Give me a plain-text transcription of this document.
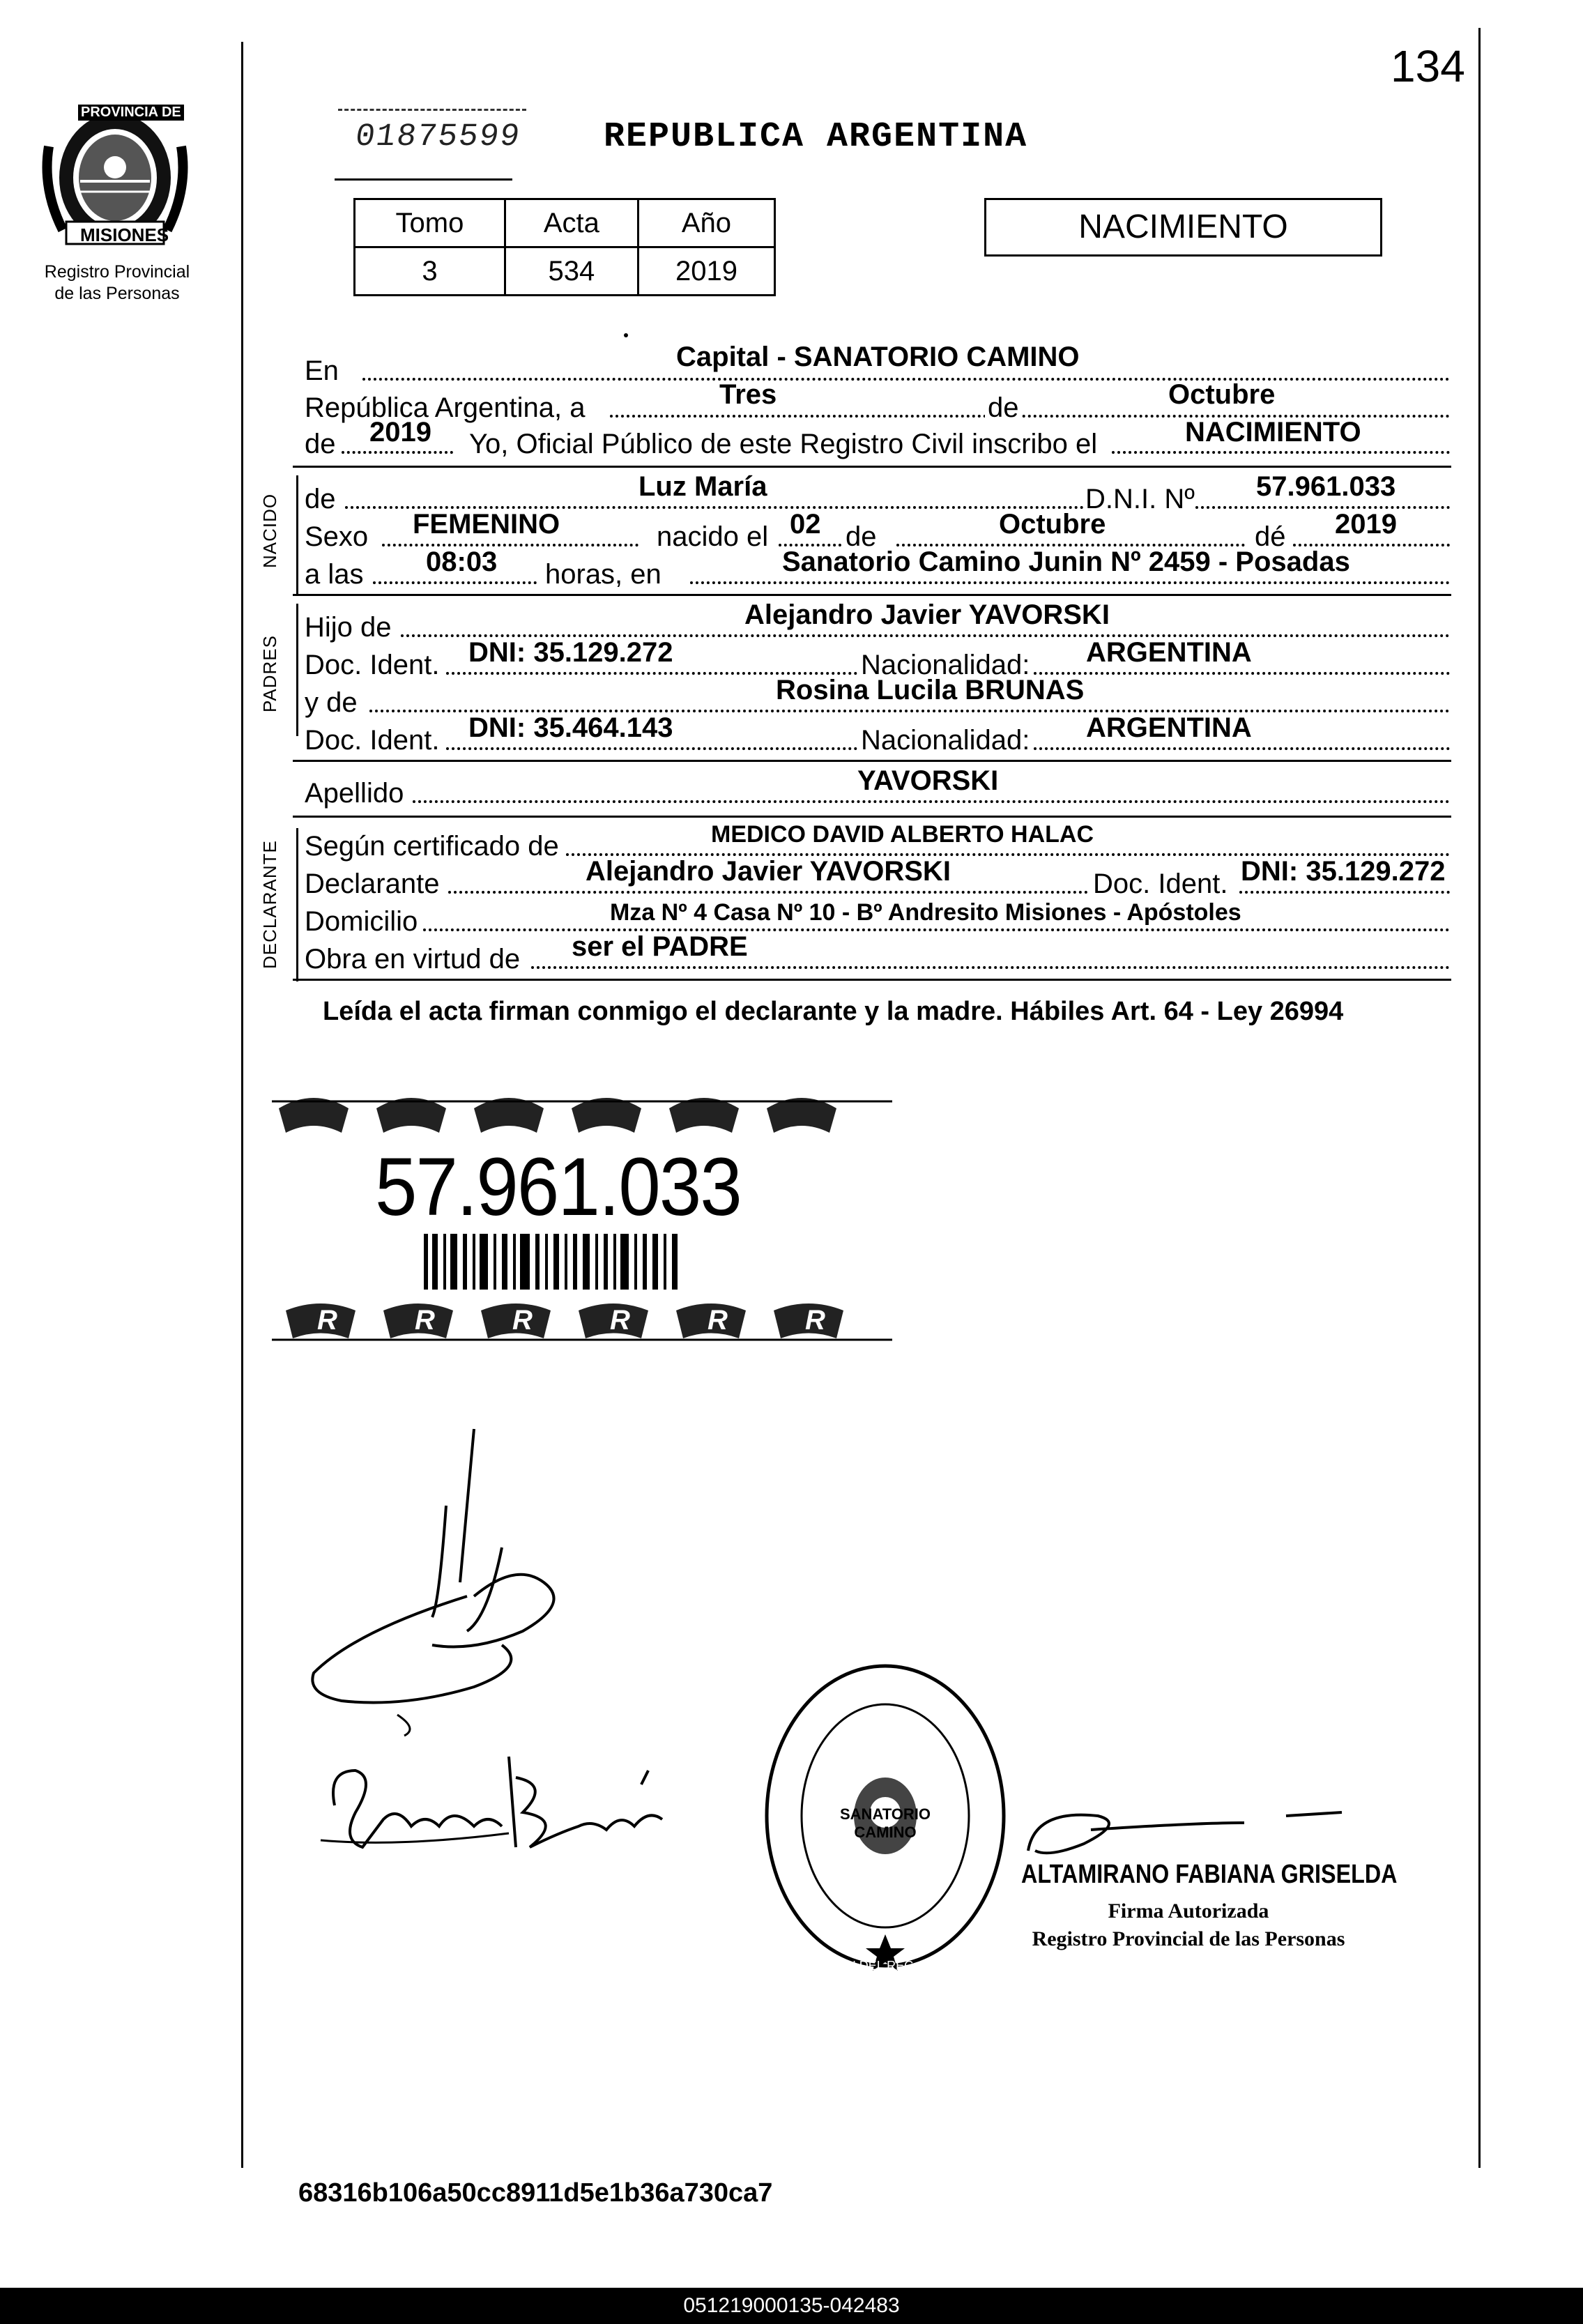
134
PROVINCIA DE
MISIONES
Registro Provincial
de las Personas
01875599 REPUBLICA ARGENTINA
Tomo	Acta	Año
3	534	2019
NACIMIENTO
En	Capital - SANATORIO CAMINO
República Argentina, a	Tres	de	Octubre
de 2019 Yo, Oficial Público de este Registro Civil inscribo el	NACIMIENTO
NACIDO de	Luz María	D.N.I. Nº 57.961.033
Sexo FEMENINO	nacido el 02 de	Octubre	dé 2019
a las 08:03 horas, en	Sanatorio Camino Junin Nº 2459 - Posadas
PADRES
Hijo de	Alejandro Javier YAVORSKI
Doc. Ident. DNI: 35.129.272	Nacionalidad: ARGENTINA
y de	Rosina Lucila BRUNAS
Doc. Ident. DNI: 35.464.143	Nacionalidad: ARGENTINA
Apellido	YAVORSKI
DECLARANTE Según certificado de	MEDICO DAVID ALBERTO HALAC
Declarante	Alejandro Javier YAVORSKI	Doc. Ident. DNI: 35.129.272
Domicilio	Mza Nº 4 Casa Nº 10 - Bº Andresito Misiones - Apóstoles
Obra en virtud de ser el PADRE
Leída el acta firman conmigo el declarante y la madre. Hábiles Art. 64 - Ley 26994
57.961.033
R	R	R	R	R	R
DELEGACION DEL REG. PROVINCIAL DE LAS PERSONAS
SANATORIO CAMINO
ALTAMIRANO FABIANA GRISELDA
Firma Autorizada
Registro Provincial de las Personas
68316b106a50cc8911d5e1b36a730ca7
051219000135-042483
